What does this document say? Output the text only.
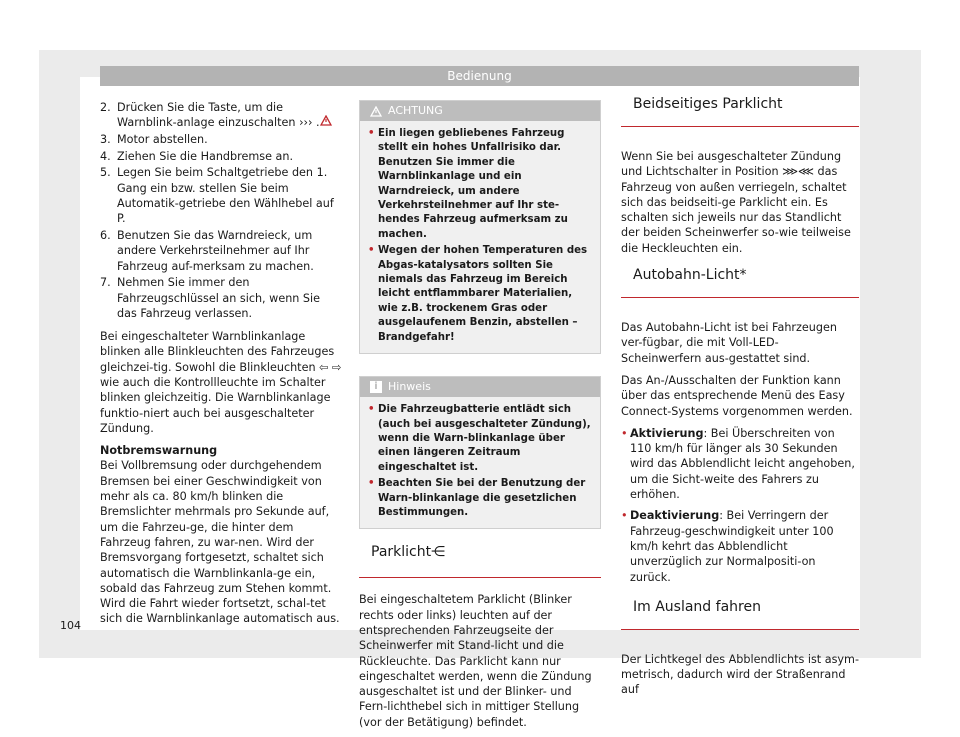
Bedienung
2. Drücken Sie die Taste, um die Warnblink-anlage einzuschalten ››› .
3. Motor abstellen.
4. Ziehen Sie die Handbremse an.
5. Legen Sie beim Schaltgetriebe den 1. Gang ein bzw. stellen Sie beim Automatik-getriebe den Wählhebel auf P.
6. Benutzen Sie das Warndreieck, um andere Verkehrsteilnehmer auf Ihr Fahrzeug auf-merksam zu machen.
7. Nehmen Sie immer den Fahrzeugschlüssel an sich, wenn Sie das Fahrzeug verlassen.

Bei eingeschalteter Warnblinkanlage blinken alle Blinkleuchten des Fahrzeuges gleichzei-tig. Sowohl die Blinkleuchten ⇦ ⇨ wie auch die Kontrollleuchte im Schalter blinken gleichzeitig. Die Warnblinkanlage funktio-niert auch bei ausgeschalteter Zündung.

Notbremswarnung

Bei Vollbremsung oder durchgehendem Bremsen bei einer Geschwindigkeit von mehr als ca. 80 km/h blinken die Bremslichter mehrmals pro Sekunde auf, um die Fahrzeu-ge, die hinter dem Fahrzeug fahren, zu war-nen. Wird der Bremsvorgang fortgesetzt, schaltet sich automatisch die Warnblinkanla-ge ein, sobald das Fahrzeug zum Stehen kommt. Wird die Fahrt wieder fortsetzt, schal-tet sich die Warnblinkanlage automatisch aus.

ACHTUNG
• Ein liegen gebliebenes Fahrzeug stellt ein hohes Unfallrisiko dar. Benutzen Sie immer die Warnblinkanlage und ein Warndreieck, um andere Verkehrsteilnehmer auf Ihr ste-hendes Fahrzeug aufmerksam zu machen.
• Wegen der hohen Temperaturen des Abgas-katalysators sollten Sie niemals das Fahrzeug im Bereich leicht entflammbarer Materialien, wie z.B. trockenem Gras oder ausgelaufenem Benzin, abstellen – Brandgefahr!
i Hinweis
• Die Fahrzeugbatterie entlädt sich (auch bei ausgeschalteter Zündung), wenn die Warn-blinkanlage über einen längeren Zeitraum eingeschaltet ist.
• Beachten Sie bei der Benutzung der Warn-blinkanlage die gesetzlichen Bestimmungen.
Parklicht⋲

Bei eingeschaltetem Parklicht (Blinker rechts oder links) leuchten auf der entsprechenden Fahrzeugseite der Scheinwerfer mit Stand-licht und die Rückleuchte. Das Parklicht kann nur eingeschaltet werden, wenn die Zündung ausgeschaltet ist und der Blinker- und Fern-lichthebel sich in mittiger Stellung (vor der Betätigung) befindet.

Beidseitiges Parklicht

Wenn Sie bei ausgeschalteter Zündung und Lichtschalter in Position ⋙⋘ das Fahrzeug von außen verriegeln, schaltet sich das beidseiti-ge Parklicht ein. Es schalten sich jeweils nur das Standlicht der beiden Scheinwerfer so-wie teilweise die Heckleuchten ein.

Autobahn-Licht*

Das Autobahn-Licht ist bei Fahrzeugen ver-fügbar, die mit Voll-LED-Scheinwerfern aus-gestattet sind.

Das An-/Ausschalten der Funktion kann über das entsprechende Menü des Easy Connect-Systems vorgenommen werden.

• Aktivierung: Bei Überschreiten von 110 km/h für länger als 30 Sekunden wird das Abblendlicht leicht angehoben, um die Sicht-weite des Fahrers zu erhöhen.
• Deaktivierung: Bei Verringern der Fahrzeug-geschwindigkeit unter 100 km/h kehrt das Abblendlicht unverzüglich zur Normalpositi-on zurück.
Im Ausland fahren

Der Lichtkegel des Abblendlichts ist asym-metrisch, dadurch wird der Straßenrand auf

104
